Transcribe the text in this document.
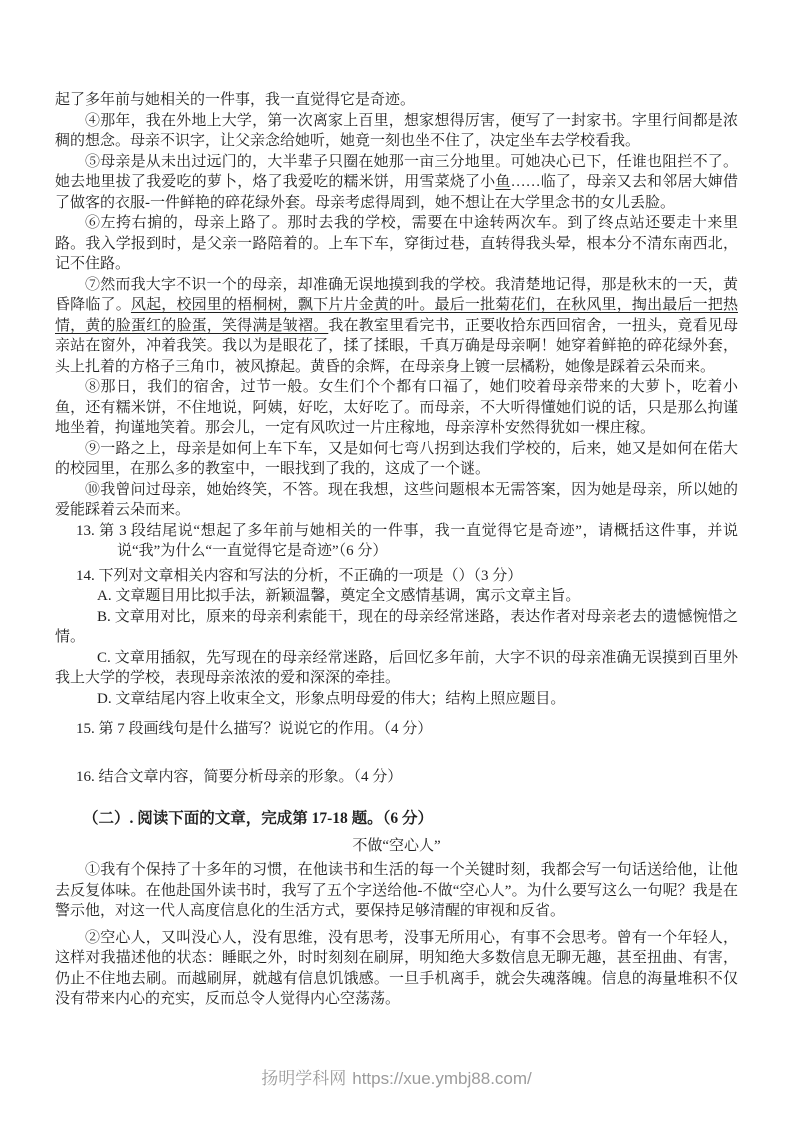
起了多年前与她相关的一件事，我一直觉得它是奇迹。

④那年，我在外地上大学，第一次离家上百里，想家想得厉害，便写了一封家书。字里行间都是浓稠的想念。母亲不识字，让父亲念给她听，她竟一刻也坐不住了，决定坐车去学校看我。

⑤母亲是从未出过远门的，大半辈子只圈在她那一亩三分地里。可她决心已下，任谁也阻拦不了。她去地里拔了我爱吃的萝卜，烙了我爱吃的糯米饼，用雪菜烧了小鱼……临了，母亲又去和邻居大婶借了做客的衣服-一件鲜艳的碎花绿外套。母亲考虑得周到，她不想让在大学里念书的女儿丢脸。

⑥左挎右掮的，母亲上路了。那时去我的学校，需要在中途转两次车。到了终点站还要走十来里路。我入学报到时，是父亲一路陪着的。上车下车，穿街过巷，直转得我头晕，根本分不清东南西北，记不住路。

⑦然而我大字不识一个的母亲，却准确无误地摸到我的学校。我清楚地记得，那是秋末的一天，黄昏降临了。风起，校园里的梧桐树，飘下片片金黄的叶。最后一批菊花们，在秋风里，掏出最后一把热情，黄的脸蛋红的脸蛋，笑得满是皱褶。我在教室里看完书，正要收拾东西回宿舍，一扭头，竟看见母亲站在窗外，冲着我笑。我以为是眼花了，揉了揉眼，千真万确是母亲啊！她穿着鲜艳的碎花绿外套，头上扎着的方格子三角巾，被风撩起。黄昏的余辉，在母亲身上镀一层橘粉，她像是踩着云朵而来。

⑧那日，我们的宿舍，过节一般。女生们个个都有口福了，她们咬着母亲带来的大萝卜，吃着小鱼，还有糯米饼，不住地说，阿姨，好吃，太好吃了。而母亲，不大听得懂她们说的话，只是那么拘谨地坐着，拘谨地笑着。那会儿，一定有风吹过一片庄稼地，母亲淳朴安然得犹如一棵庄稼。

⑨一路之上，母亲是如何上车下车，又是如何七弯八拐到达我们学校的，后来，她又是如何在偌大的校园里，在那么多的教室中，一眼找到了我的，这成了一个谜。

⑩我曾问过母亲，她始终笑，不答。现在我想，这些问题根本无需答案，因为她是母亲，所以她的爱能踩着云朵而来。

13. 第 3 段结尾说“想起了多年前与她相关的一件事，我一直觉得它是奇迹”，请概括这件事，并说说“我”为什么“一直觉得它是奇迹”（6 分）

14. 下列对文章相关内容和写法的分析，不正确的一项是（）（3 分）

A. 文章题目用比拟手法，新颖温馨，奠定全文感情基调，寓示文章主旨。

B. 文章用对比，原来的母亲利索能干，现在的母亲经常迷路，表达作者对母亲老去的遗憾惋惜之情。

C. 文章用插叙，先写现在的母亲经常迷路，后回忆多年前，大字不识的母亲准确无误摸到百里外我上大学的学校，表现母亲浓浓的爱和深深的牵挂。

D. 文章结尾内容上收束全文，形象点明母爱的伟大；结构上照应题目。

15. 第 7 段画线句是什么描写？说说它的作用。（4 分）

16. 结合文章内容，简要分析母亲的形象。（4 分）

（二）. 阅读下面的文章，完成第 17-18 题。（6 分）

不做“空心人”

①我有个保持了十多年的习惯，在他读书和生活的每一个关键时刻，我都会写一句话送给他，让他去反复体味。在他赴国外读书时，我写了五个字送给他-不做“空心人”。为什么要写这么一句呢？我是在警示他，对这一代人高度信息化的生活方式，要保持足够清醒的审视和反省。

②空心人，又叫没心人，没有思维，没有思考，没事无所用心，有事不会思考。曾有一个年轻人，这样对我描述他的状态：睡眠之外，时时刻刻在刷屏，明知绝大多数信息无聊无趣，甚至扭曲、有害，仍止不住地去刷。而越刷屏，就越有信息饥饿感。一旦手机离手，就会失魂落魄。信息的海量堆积不仅没有带来内心的充实，反而总令人觉得内心空荡荡。

扬明学科网 https://xue.ymbj88.com/
